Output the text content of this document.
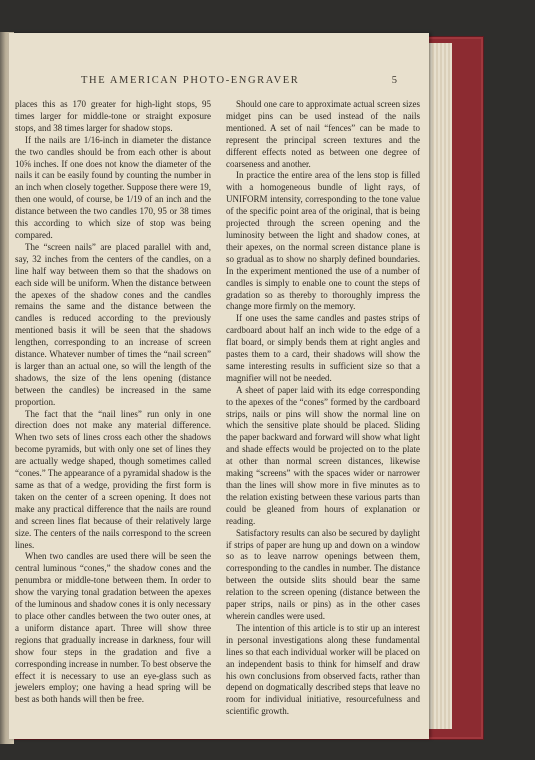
THE AMERICAN PHOTO-ENGRAVER	5

places this as 170 greater for high-light stops, 95 times larger for middle-tone or straight exposure stops, and 38 times larger for shadow stops.

If the nails are 1/16-inch in diameter the distance the two candles should be from each other is about 10⅝ inches. If one does not know the diameter of the nails it can be easily found by counting the number in an inch when closely together. Suppose there were 19, then one would, of course, be 1/19 of an inch and the distance between the two candles 170, 95 or 38 times this according to which size of stop was being compared.

The “screen nails” are placed parallel with and, say, 32 inches from the centers of the candles, on a line half way between them so that the shadows on each side will be uniform. When the distance between the apexes of the shadow cones and the candles remains the same and the distance between the candles is reduced according to the previously mentioned basis it will be seen that the shadows lengthen, corresponding to an increase of screen distance. Whatever number of times the “nail screen” is larger than an actual one, so will the length of the shadows, the size of the lens opening (distance between the candles) be increased in the same proportion.

The fact that the “nail lines” run only in one direction does not make any material difference. When two sets of lines cross each other the shadows become pyramids, but with only one set of lines they are actually wedge shaped, though sometimes called “cones.” The appearance of a pyramidal shadow is the same as that of a wedge, providing the first form is taken on the center of a screen opening. It does not make any practical difference that the nails are round and screen lines flat because of their relatively large size. The centers of the nails correspond to the screen lines.

When two candles are used there will be seen the central luminous “cones,” the shadow cones and the penumbra or middle-tone between them. In order to show the varying tonal gradation between the apexes of the luminous and shadow cones it is only necessary to place other candles between the two outer ones, at a uniform distance apart. Three will show three regions that gradually increase in darkness, four will show four steps in the gradation and five a corresponding increase in number. To best observe the effect it is necessary to use an eye-glass such as jewelers employ; one having a head spring will be best as both hands will then be free.

Should one care to approximate actual screen sizes midget pins can be used instead of the nails mentioned. A set of nail “fences” can be made to represent the principal screen textures and the different effects noted as between one degree of coarseness and another.

In practice the entire area of the lens stop is filled with a homogeneous bundle of light rays, of UNIFORM intensity, corresponding to the tone value of the specific point area of the original, that is being projected through the screen opening and the luminosity between the light and shadow cones, at their apexes, on the normal screen distance plane is so gradual as to show no sharply defined boundaries. In the experiment mentioned the use of a number of candles is simply to enable one to count the steps of gradation so as thereby to thoroughly impress the change more firmly on the memory.

If one uses the same candles and pastes strips of cardboard about half an inch wide to the edge of a flat board, or simply bends them at right angles and pastes them to a card, their shadows will show the same interesting results in sufficient size so that a magnifier will not be needed.

A sheet of paper laid with its edge corresponding to the apexes of the “cones” formed by the cardboard strips, nails or pins will show the normal line on which the sensitive plate should be placed. Sliding the paper backward and forward will show what light and shade effects would be projected on to the plate at other than normal screen distances, likewise making “screens” with the spaces wider or narrower than the lines will show more in five minutes as to the relation existing between these various parts than could be gleaned from hours of explanation or reading.

Satisfactory results can also be secured by daylight if strips of paper are hung up and down on a window so as to leave narrow openings between them, corresponding to the candles in number. The distance between the outside slits should bear the same relation to the screen opening (distance between the paper strips, nails or pins) as in the other cases wherein candles were used.

The intention of this article is to stir up an interest in personal investigations along these fundamental lines so that each individual worker will be placed on an independent basis to think for himself and draw his own conclusions from observed facts, rather than depend on dogmatically described steps that leave no room for individual initiative, resourcefulness and scientific growth.
